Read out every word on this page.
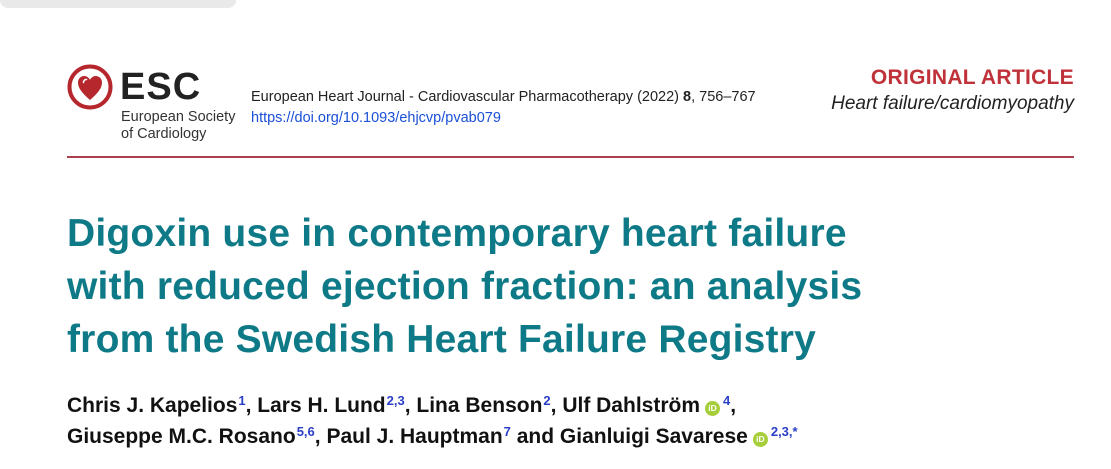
ESC
European Society
of Cardiology
European Heart Journal - Cardiovascular Pharmacotherapy (2022) 8, 756–767
https://doi.org/10.1093/ehjcvp/pvab079
ORIGINAL ARTICLE
Heart failure/cardiomyopathy
Digoxin use in contemporary heart failure
with reduced ejection fraction: an analysis
from the Swedish Heart Failure Registry
Chris J. Kapelios$^1$, Lars H. Lund$^{2,3}$, Lina Benson$^2$, Ulf Dahlström iD $^4$,
Giuseppe M.C. Rosano$^{5,6}$, Paul J. Hauptman$^7$ and Gianluigi Savarese iD $^{2,3,*}$
